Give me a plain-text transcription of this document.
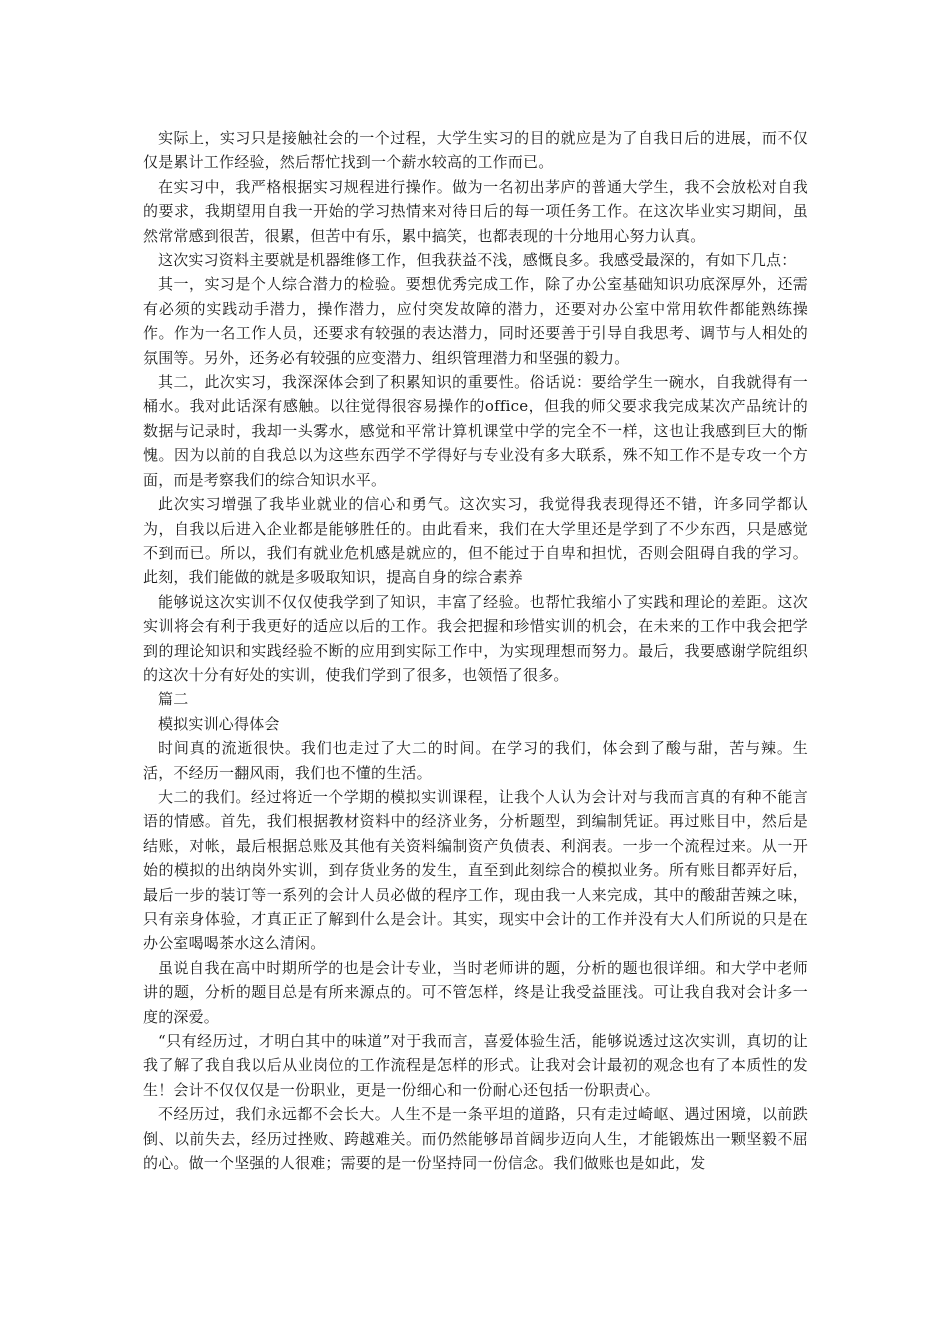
实际上，实习只是接触社会的一个过程，大学生实习的目的就应是为了自我日后的进展，而不仅仅是累计工作经验，然后帮忙找到一个薪水较高的工作而已。

在实习中，我严格根据实习规程进行操作。做为一名初出茅庐的普通大学生，我不会放松对自我的要求，我期望用自我一开始的学习热情来对待日后的每一项任务工作。在这次毕业实习期间，虽然常常感到很苦，很累，但苦中有乐，累中搞笑，也都表现的十分地用心努力认真。

这次实习资料主要就是机器维修工作，但我获益不浅，感慨良多。我感受最深的，有如下几点：

其一，实习是个人综合潜力的检验。要想优秀完成工作，除了办公室基础知识功底深厚外，还需有必须的实践动手潜力，操作潜力，应付突发故障的潜力，还要对办公室中常用软件都能熟练操作。作为一名工作人员，还要求有较强的表达潜力，同时还要善于引导自我思考、调节与人相处的氛围等。另外，还务必有较强的应变潜力、组织管理潜力和坚强的毅力。

其二，此次实习，我深深体会到了积累知识的重要性。俗话说：要给学生一碗水，自我就得有一桶水。我对此话深有感触。以往觉得很容易操作的office，但我的师父要求我完成某次产品统计的数据与记录时，我却一头雾水，感觉和平常计算机课堂中学的完全不一样，这也让我感到巨大的惭愧。因为以前的自我总以为这些东西学不学得好与专业没有多大联系，殊不知工作不是专攻一个方面，而是考察我们的综合知识水平。

此次实习增强了我毕业就业的信心和勇气。这次实习，我觉得我表现得还不错，许多同学都认为，自我以后进入企业都是能够胜任的。由此看来，我们在大学里还是学到了不少东西，只是感觉不到而已。所以，我们有就业危机感是就应的，但不能过于自卑和担忧，否则会阻碍自我的学习。此刻，我们能做的就是多吸取知识，提高自身的综合素养

能够说这次实训不仅仅使我学到了知识，丰富了经验。也帮忙我缩小了实践和理论的差距。这次实训将会有利于我更好的适应以后的工作。我会把握和珍惜实训的机会，在未来的工作中我会把学到的理论知识和实践经验不断的应用到实际工作中，为实现理想而努力。最后，我要感谢学院组织的这次十分有好处的实训，使我们学到了很多，也领悟了很多。

篇二

模拟实训心得体会

时间真的流逝很快。我们也走过了大二的时间。在学习的我们，体会到了酸与甜，苦与辣。生活，不经历一翻风雨，我们也不懂的生活。

大二的我们。经过将近一个学期的模拟实训课程，让我个人认为会计对与我而言真的有种不能言语的情感。首先，我们根据教材资料中的经济业务，分析题型，到编制凭证。再过账目中，然后是结账，对帐，最后根据总账及其他有关资料编制资产负债表、利润表。一步一个流程过来。从一开始的模拟的出纳岗外实训，到存货业务的发生，直至到此刻综合的模拟业务。所有账目都弄好后，最后一步的装订等一系列的会计人员必做的程序工作，现由我一人来完成，其中的酸甜苦辣之味，只有亲身体验，才真正正了解到什么是会计。其实，现实中会计的工作并没有大人们所说的只是在办公室喝喝茶水这么清闲。

虽说自我在高中时期所学的也是会计专业，当时老师讲的题，分析的题也很详细。和大学中老师讲的题，分析的题目总是有所来源点的。可不管怎样，终是让我受益匪浅。可让我自我对会计多一度的深爱。

“只有经历过，才明白其中的味道”对于我而言，喜爱体验生活，能够说透过这次实训，真切的让我了解了我自我以后从业岗位的工作流程是怎样的形式。让我对会计最初的观念也有了本质性的发生！会计不仅仅仅是一份职业，更是一份细心和一份耐心还包括一份职责心。

不经历过，我们永远都不会长大。人生不是一条平坦的道路，只有走过崎岖、遇过困境，以前跌倒、以前失去，经历过挫败、跨越难关。而仍然能够昂首阔步迈向人生，才能锻炼出一颗坚毅不屈的心。做一个坚强的人很难；需要的是一份坚持同一份信念。我们做账也是如此，发
